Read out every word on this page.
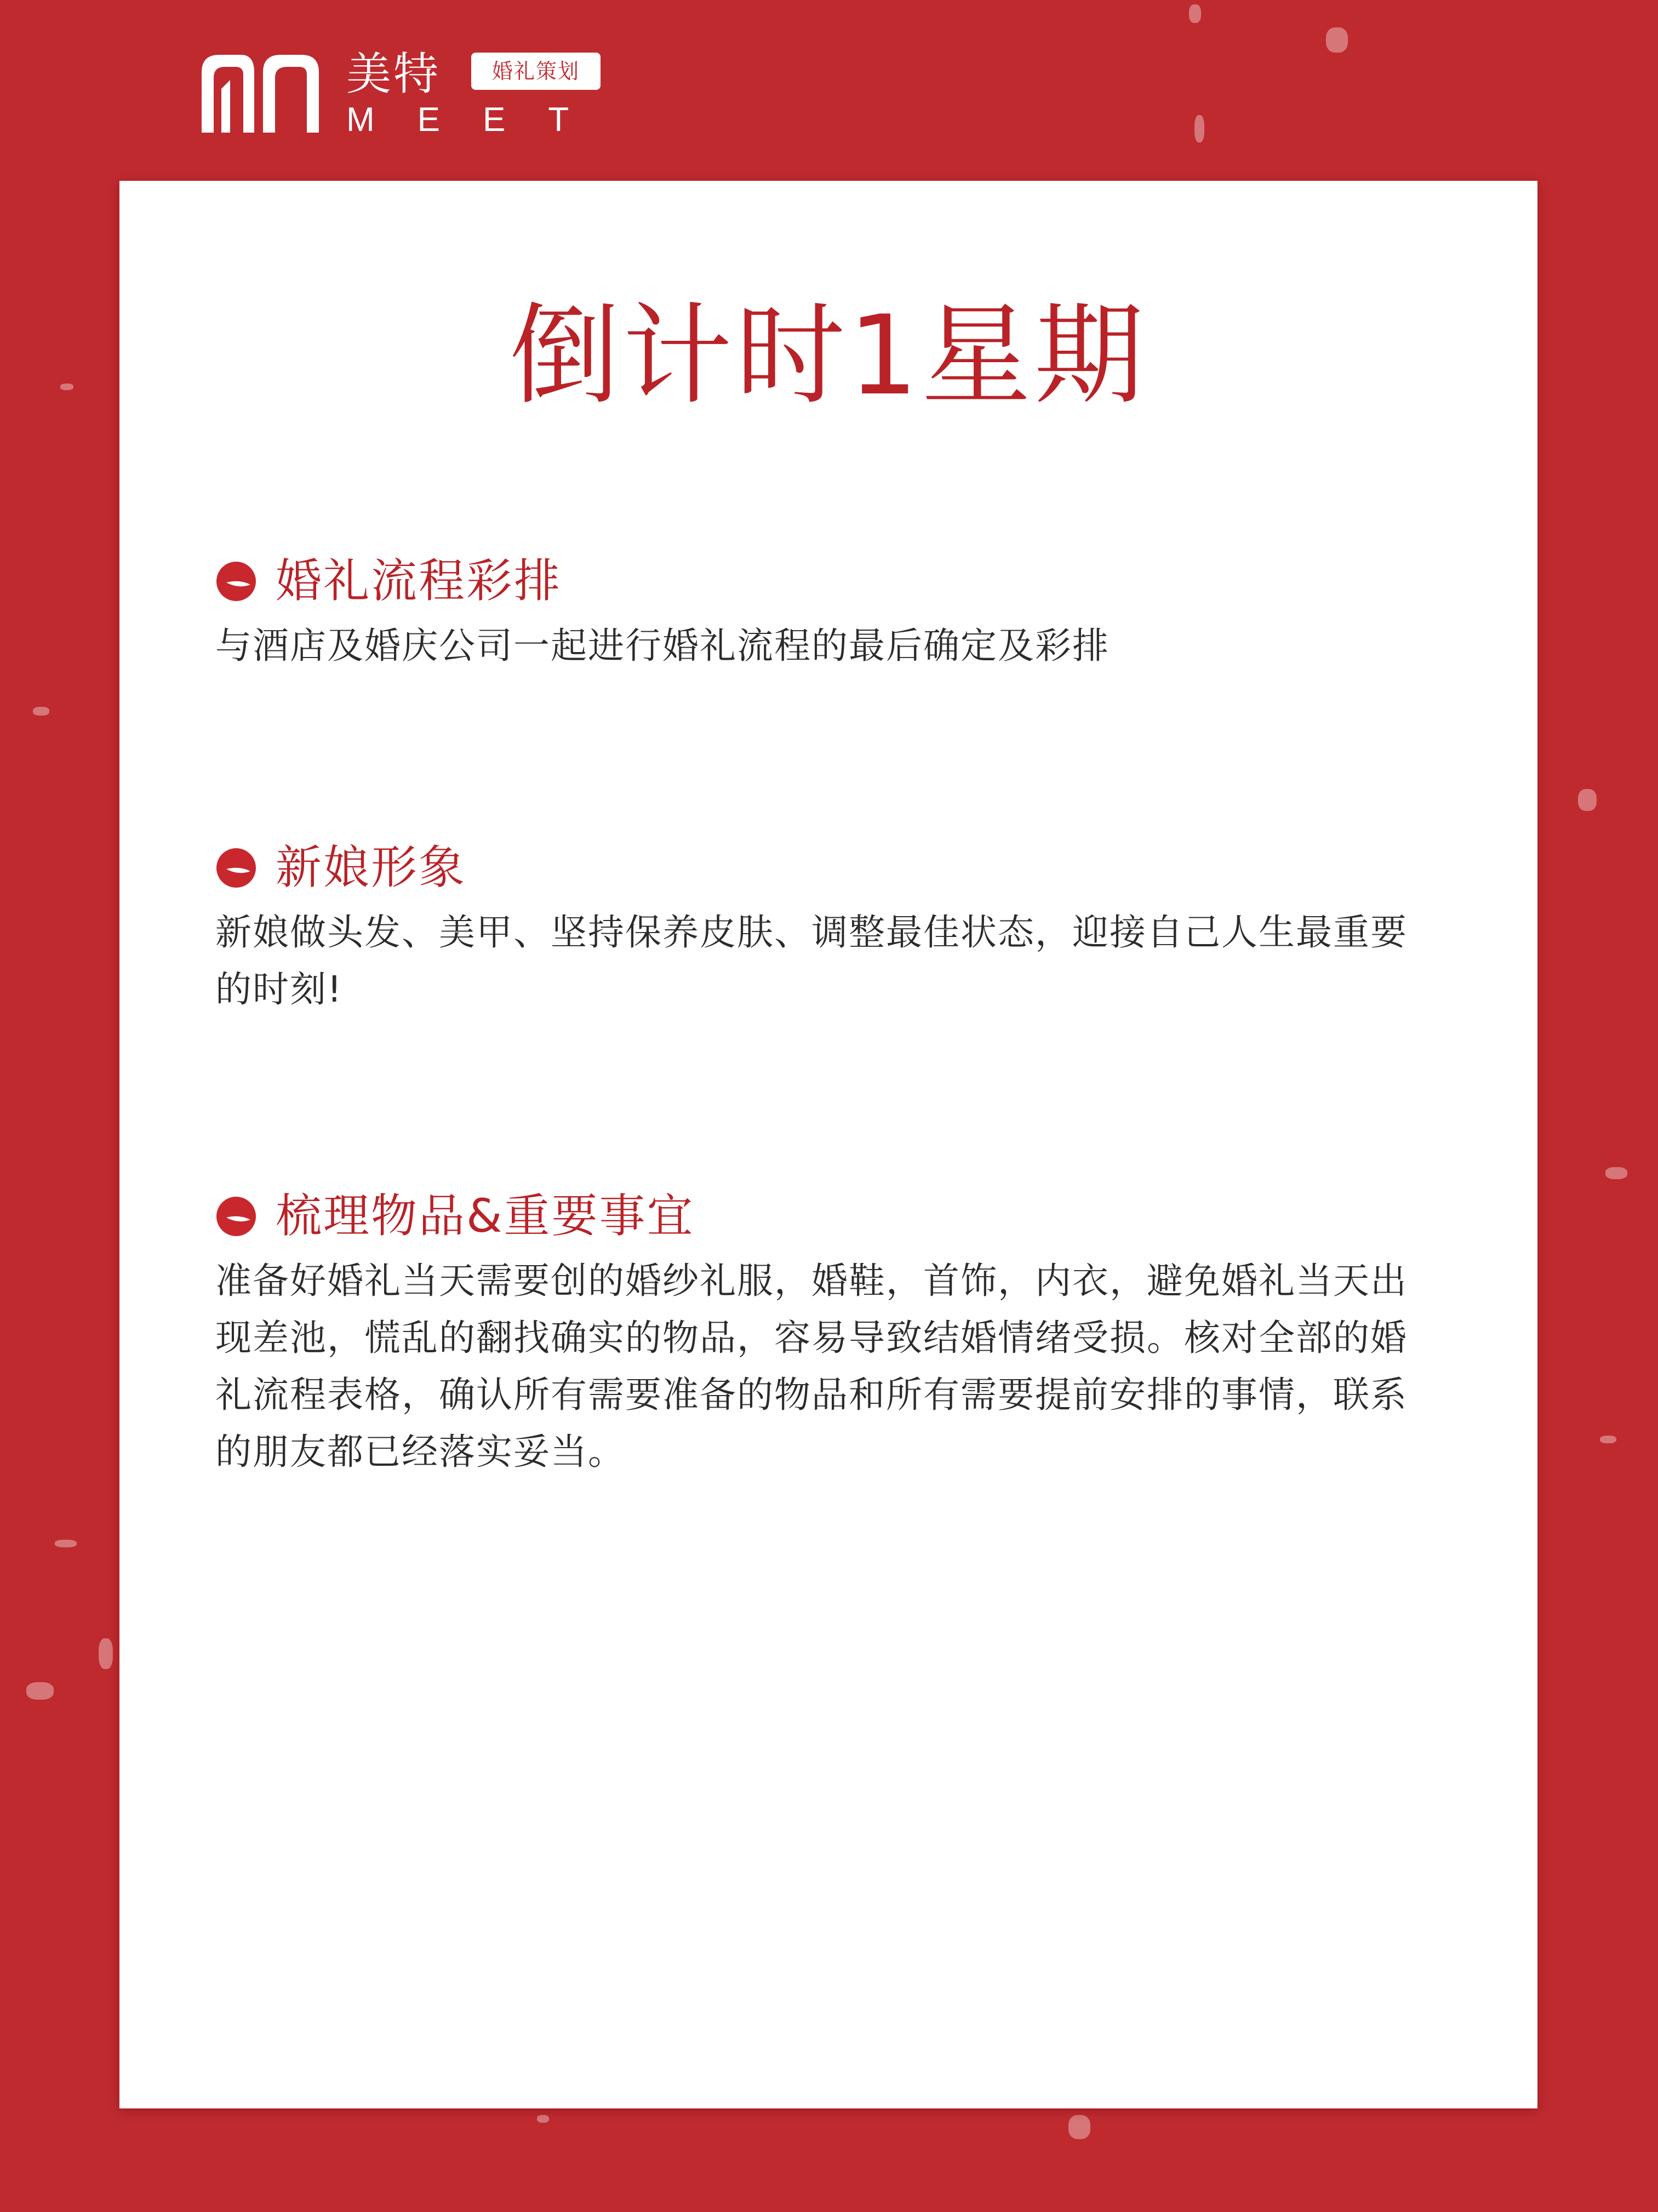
美特	婚礼策划
MEET
倒计时1星期
婚礼流程彩排
与酒店及婚庆公司一起进行婚礼流程的最后确定及彩排
新娘形象
新娘做头发、美甲、坚持保养皮肤、调整最佳状态，迎接自己人生最重要的时刻!
梳理物品&重要事宜
准备好婚礼当天需要创的婚纱礼服，婚鞋，首饰，内衣，避免婚礼当天出现差池，慌乱的翻找确实的物品，容易导致结婚情绪受损。核对全部的婚礼流程表格，确认所有需要准备的物品和所有需要提前安排的事情，联系的朋友都已经落实妥当。
